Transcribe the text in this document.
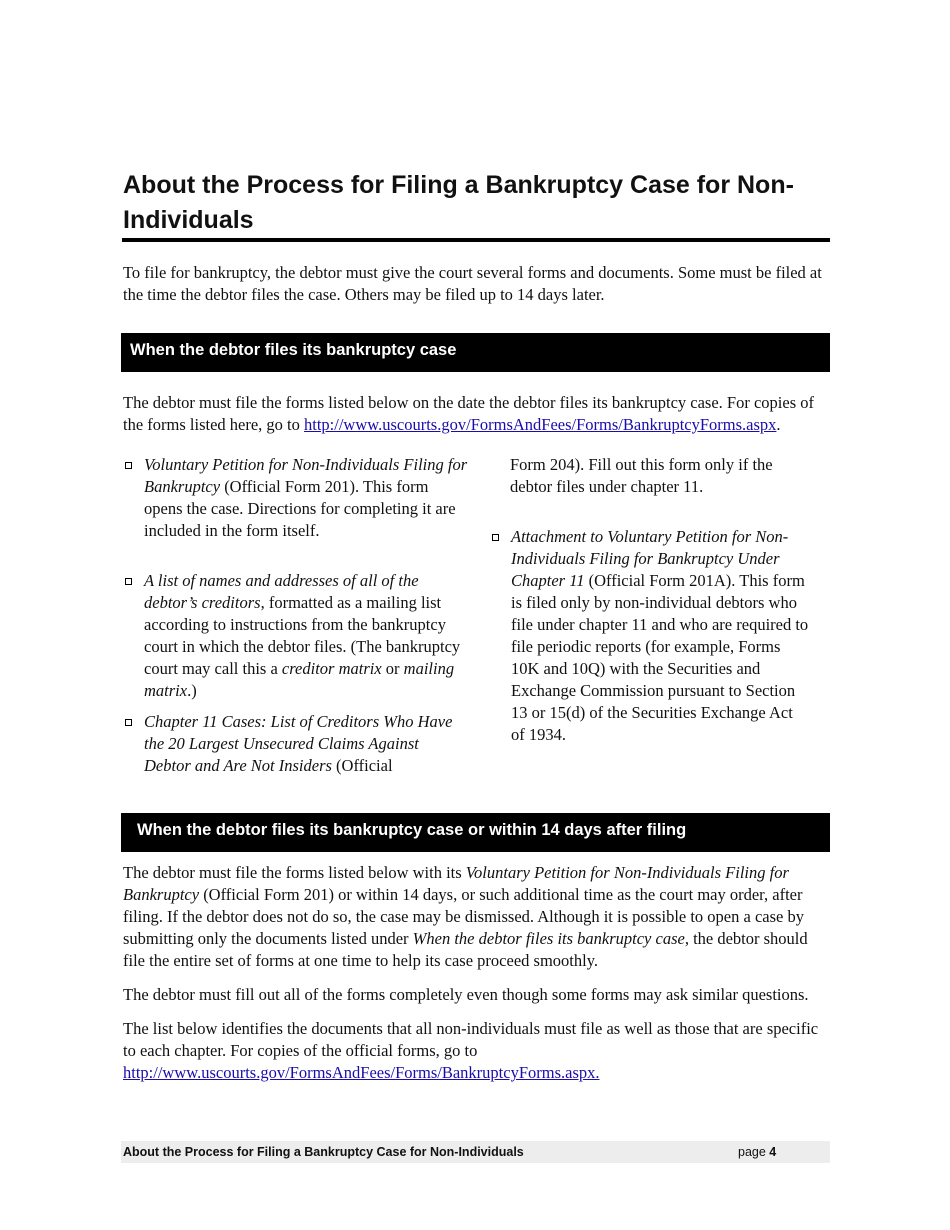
About the Process for Filing a Bankruptcy Case for Non-Individuals

To file for bankruptcy, the debtor must give the court several forms and documents. Some must be filed at the time the debtor files the case. Others may be filed up to 14 days later.

When the debtor files its bankruptcy case

The debtor must file the forms listed below on the date the debtor files its bankruptcy case. For copies of the forms listed here, go to http://www.uscourts.gov/FormsAndFees/Forms/BankruptcyForms.aspx.

Voluntary Petition for Non-Individuals Filing for Bankruptcy (Official Form 201). This form opens the case. Directions for completing it are included in the form itself.
A list of names and addresses of all of the debtor’s creditors, formatted as a mailing list according to instructions from the bankruptcy court in which the debtor files. (The bankruptcy court may call this a creditor matrix or mailing matrix.)
Chapter 11 Cases: List of Creditors Who Have the 20 Largest Unsecured Claims Against Debtor and Are Not Insiders (Official
Form 204). Fill out this form only if the debtor files under chapter 11.
Attachment to Voluntary Petition for Non-Individuals Filing for Bankruptcy Under Chapter 11 (Official Form 201A). This form is filed only by non-individual debtors who file under chapter 11 and who are required to file periodic reports (for example, Forms 10K and 10Q) with the Securities and Exchange Commission pursuant to Section 13 or 15(d) of the Securities Exchange Act of 1934.
When the debtor files its bankruptcy case or within 14 days after filing

The debtor must file the forms listed below with its Voluntary Petition for Non-Individuals Filing for Bankruptcy (Official Form 201) or within 14 days, or such additional time as the court may order, after filing. If the debtor does not do so, the case may be dismissed. Although it is possible to open a case by submitting only the documents listed under When the debtor files its bankruptcy case, the debtor should file the entire set of forms at one time to help its case proceed smoothly.

The debtor must fill out all of the forms completely even though some forms may ask similar questions.

The list below identifies the documents that all non-individuals must file as well as those that are specific to each chapter. For copies of the official forms, go to
http://www.uscourts.gov/FormsAndFees/Forms/BankruptcyForms.aspx.

About the Process for Filing a Bankruptcy Case for Non-Individuals	page 4
